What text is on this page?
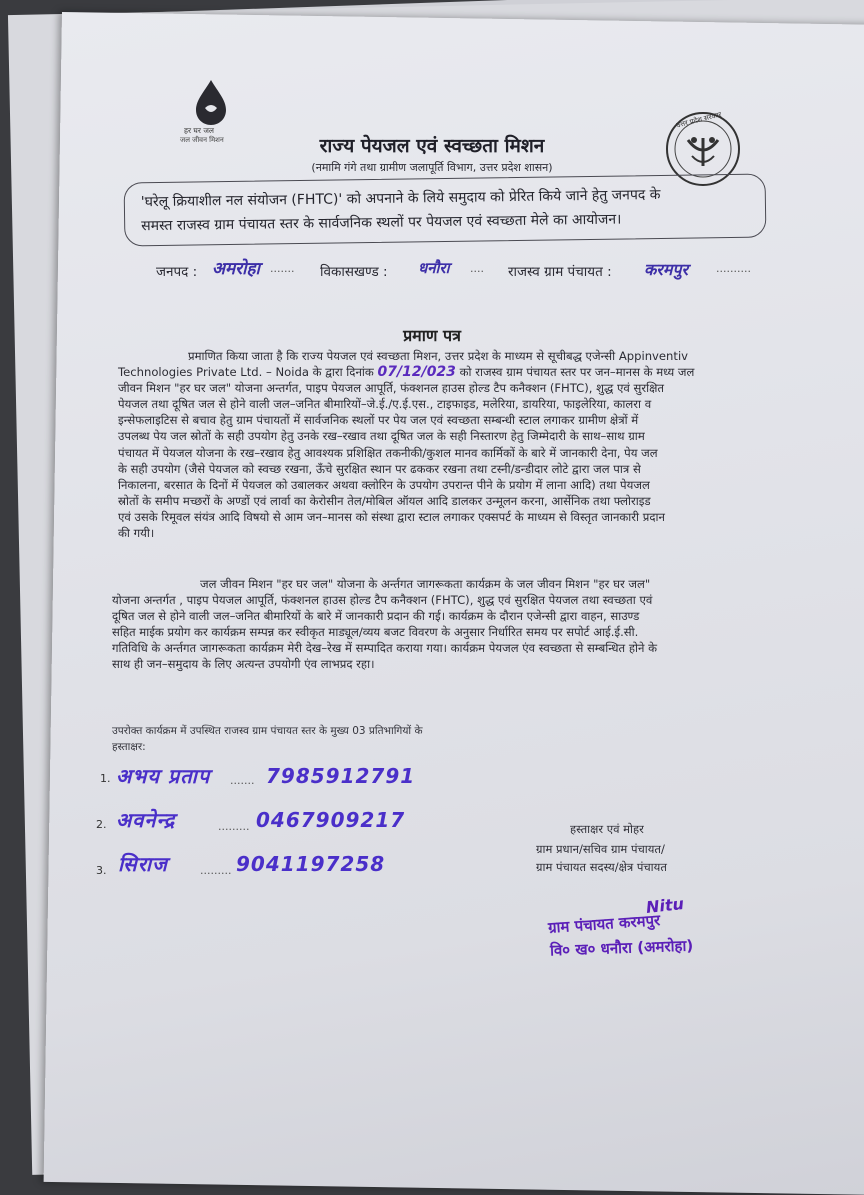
हर घर जल
जल जीवन मिशन
उत्तर प्रदेश सरकार
राज्य पेयजल एवं स्वच्छता मिशन
(नमामि गंगे तथा ग्रामीण जलापूर्ति विभाग, उत्तर प्रदेश शासन)

'घरेलू क्रियाशील नल संयोजन (FHTC)' को अपनाने के लिये समुदाय को प्रेरित किये जाने हेतु जनपद के

समस्त राजस्व ग्राम पंचायत स्तर के सार्वजनिक स्थलों पर पेयजल एवं स्वच्छता मेले का आयोजन।

जनपद : अमरोहा ....... विकासखण्ड : धनौरा .... राजस्व ग्राम पंचायत : करमपुर	..........
प्रमाण पत्र
प्रमाणित किया जाता है कि राज्य पेयजल एवं स्वच्छता मिशन, उत्तर प्रदेश के माध्यम से सूचीबद्ध एजेन्सी Appinventiv
Technologies Private Ltd. – Noida के द्वारा दिनांक 07/12/023 को राजस्व ग्राम पंचायत स्तर पर जन–मानस के मध्य जल
जीवन मिशन "हर घर जल" योजना अन्तर्गत, पाइप पेयजल आपूर्ति, फंक्शनल हाउस होल्ड टैप कनैक्शन (FHTC), शुद्ध एवं सुरक्षित
पेयजल तथा दूषित जल से होने वाली जल–जनित बीमारियों–जे.ई./ए.ई.एस., टाइफाइड, मलेरिया, डायरिया, फाइलेरिया, कालरा व
इन्सेफलाइटिस से बचाव हेतु ग्राम पंचायतों में सार्वजनिक स्थलों पर पेय जल एवं स्वच्छता सम्बन्धी स्टाल लगाकर ग्रामीण क्षेत्रों में
उपलब्ध पेय जल स्रोतों के सही उपयोग हेतु उनके रख–रखाव तथा दूषित जल के सही निस्तारण हेतु जिम्मेदारी के साथ–साथ ग्राम
पंचायत में पेयजल योजना के रख–रखाव हेतु आवश्यक प्रशिक्षित तकनीकी/कुशल मानव कार्मिकों के बारे में जानकारी देना, पेय जल
के सही उपयोग (जैसे पेयजल को स्वच्छ रखना, ऊँचे सुरक्षित स्थान पर ढककर रखना तथा टस्नी/डन्डीदार लोटे द्वारा जल पात्र से
निकालना, बरसात के दिनों में पेयजल को उबालकर अथवा क्लोरिन के उपयोग उपरान्त पीने के प्रयोग में लाना आदि) तथा पेयजल
स्रोतों के समीप मच्छरों के अण्डों एवं लार्वा का केरोसीन तेल/मोबिल ऑयल आदि डालकर उन्मूलन करना, आर्सेनिक तथा फ्लोराइड
एवं उसके रिमूवल संयंत्र आदि विषयो से आम जन–मानस को संस्था द्वारा स्टाल लगाकर एक्सपर्ट के माध्यम से विस्तृत जानकारी प्रदान
की गयी।
जल जीवन मिशन "हर घर जल" योजना के अर्न्तगत जागरूकता कार्यक्रम के जल जीवन मिशन "हर घर जल"
योजना अन्तर्गत , पाइप पेयजल आपूर्ति, फंक्शनल हाउस होल्ड टैप कनैक्शन (FHTC), शुद्ध एवं सुरक्षित पेयजल तथा स्वच्छता एवं
दूषित जल से होने वाली जल–जनित बीमारियों के बारे में जानकारी प्रदान की गई। कार्यक्रम के दौरान एजेन्सी द्वारा वाहन, साउण्ड
सहित माईक प्रयोग कर कार्यक्रम सम्पन्न कर स्वीकृत माड्यूल/व्यय बजट विवरण के अनुसार निर्धारित समय पर सपोर्ट आई.ई.सी.
गतिविधि के अर्न्तगत जागरूकता कार्यक्रम मेरी देख–रेख में सम्पादित कराया गया। कार्यक्रम पेयजल एंव स्वच्छता से सम्बन्धित होने के
साथ ही जन–समुदाय के लिए अत्यन्त उपयोगी एंव लाभप्रद रहा।
उपरोक्त कार्यक्रम में उपस्थित राजस्व ग्राम पंचायत स्तर के मुख्य 03 प्रतिभागियों के
हस्ताक्षर:
1. अभय प्रताप ....... 7985912791
2. अवनेन्द्र	......... 0467909217
3. सिराज	......... 9041197258
हस्ताक्षर एवं मोहर
ग्राम प्रधान/सचिव ग्राम पंचायत/
ग्राम पंचायत सदस्य/क्षेत्र पंचायत
Nitu
ग्राम पंचायत करमपुर
वि० ख० धनौरा (अमरोहा)
